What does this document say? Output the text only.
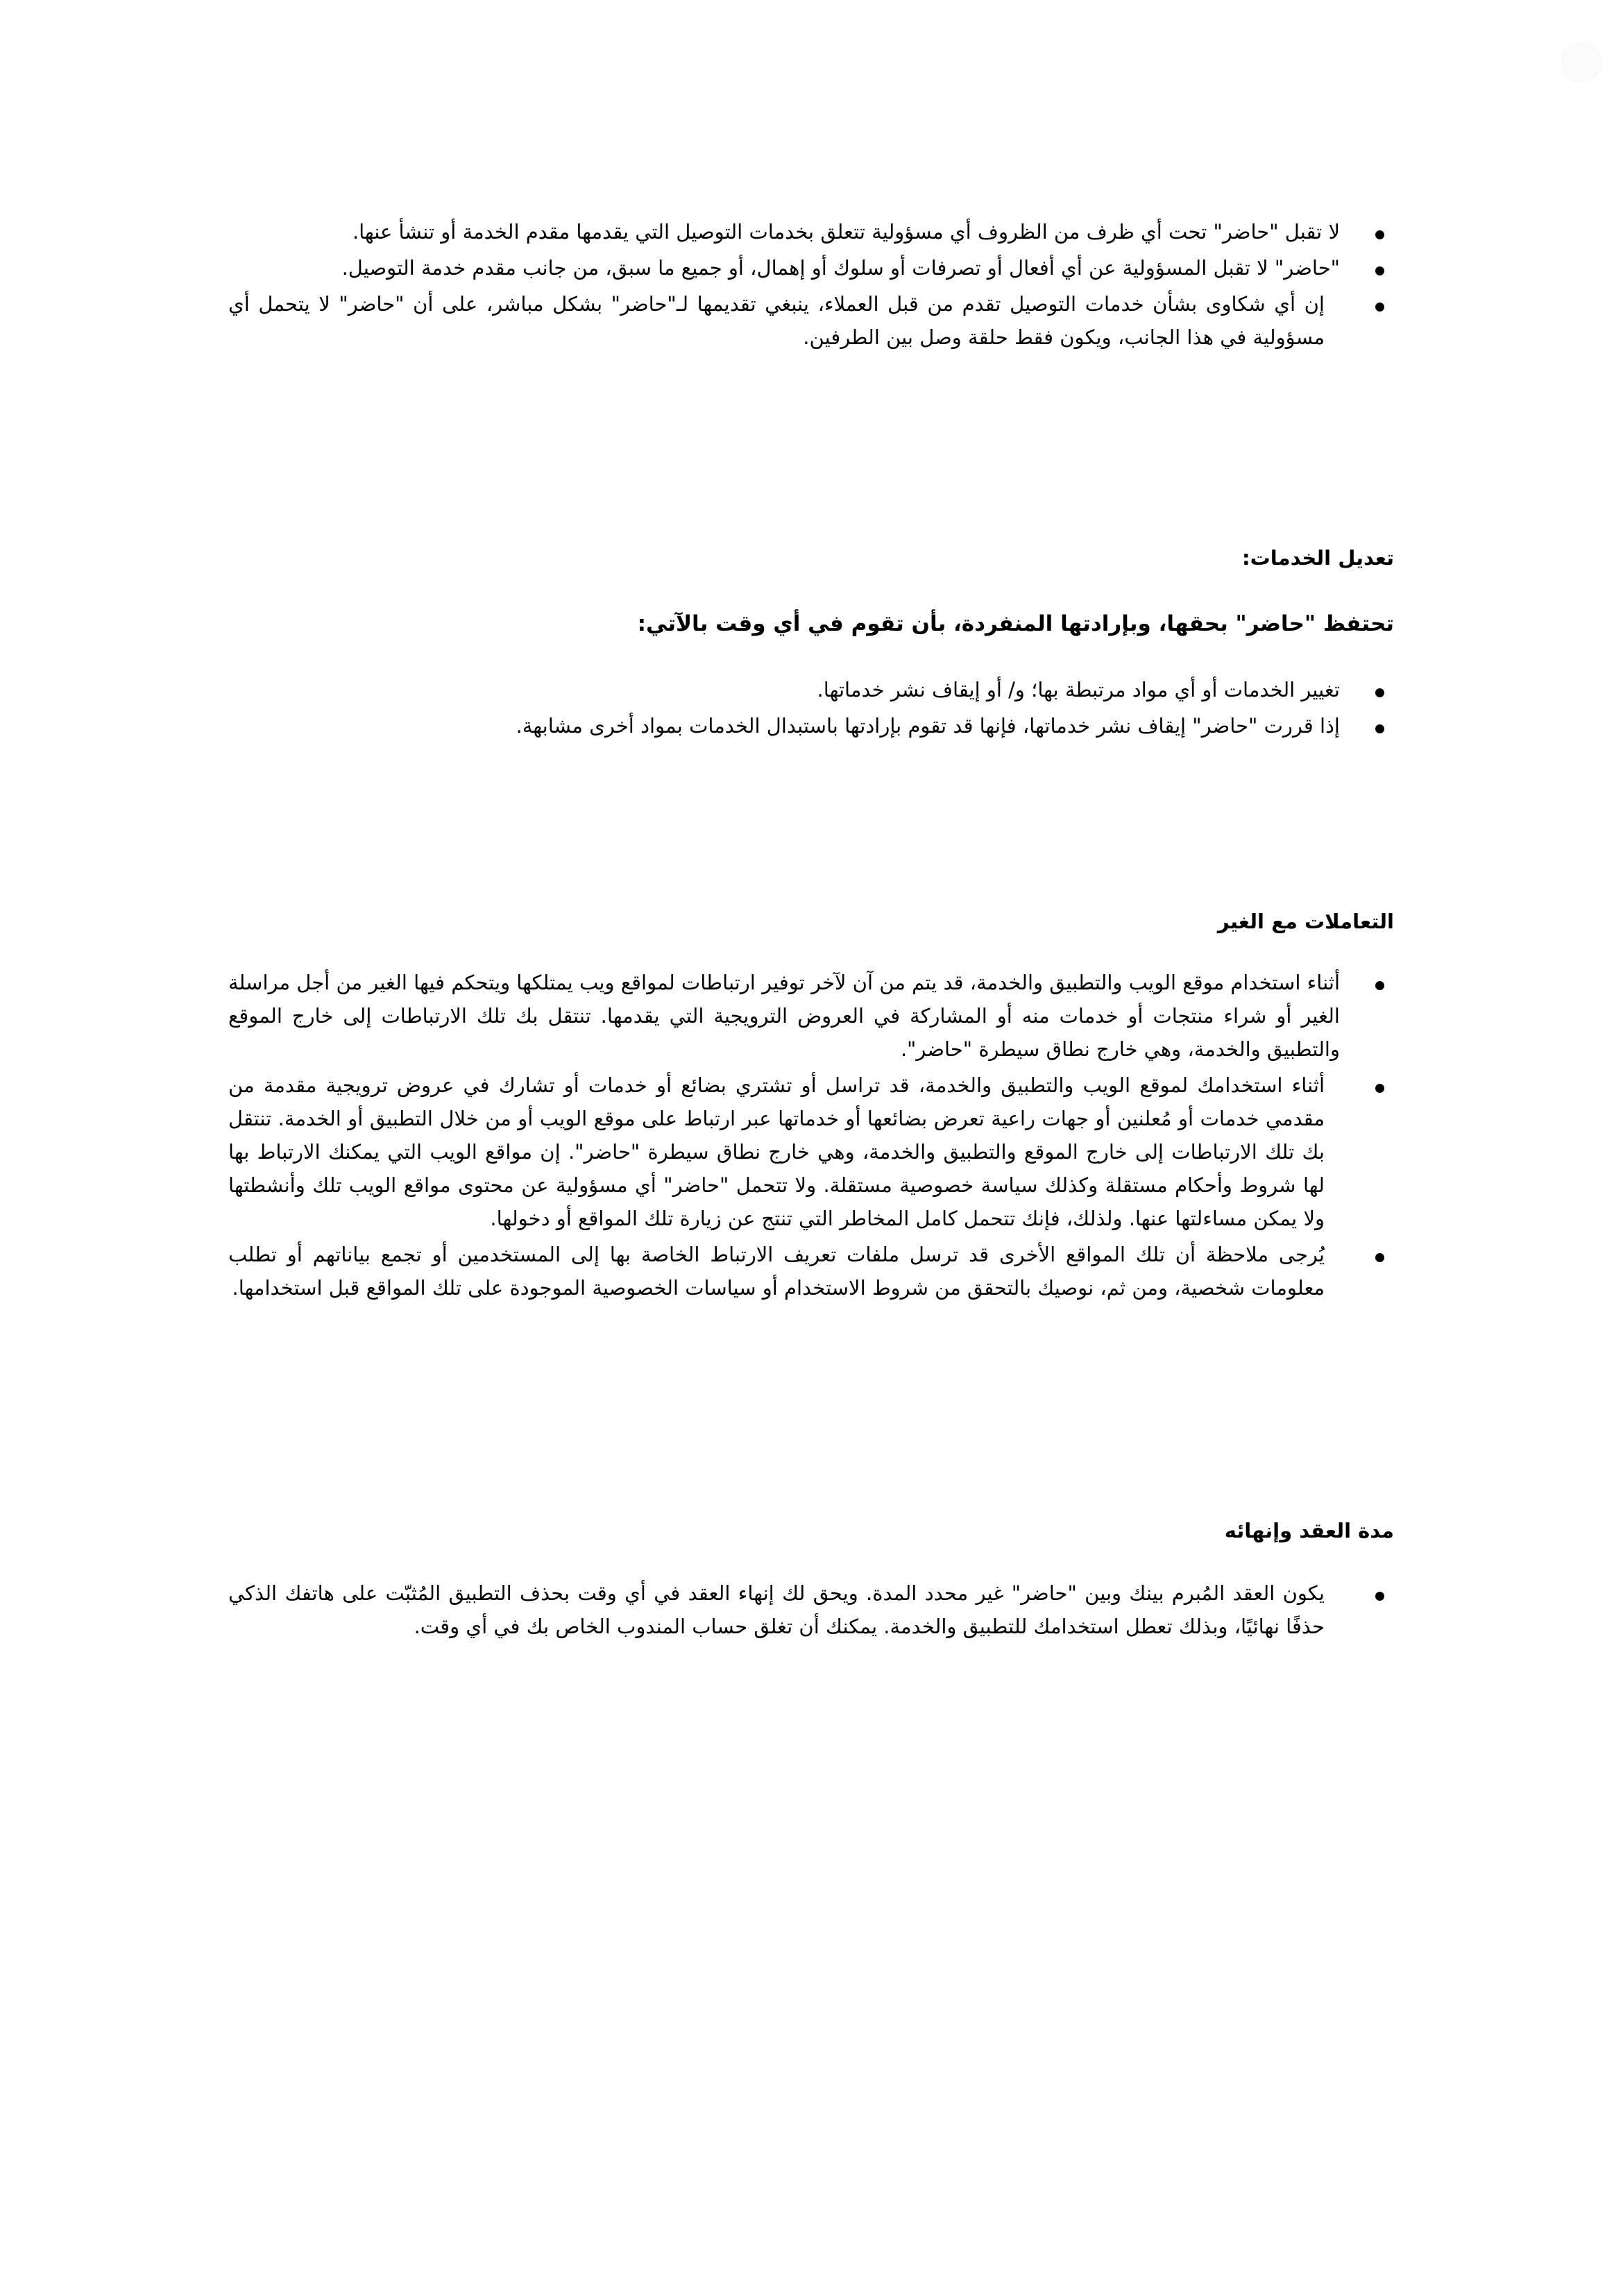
لا تقبل "حاضر" تحت أي ظرف من الظروف أي مسؤولية تتعلق بخدمات التوصيل التي يقدمها مقدم الخدمة أو تنشأ عنها.
"حاضر" لا تقبل المسؤولية عن أي أفعال أو تصرفات أو سلوك أو إهمال، أو جميع ما سبق، من جانب مقدم خدمة التوصيل.
إن أي شكاوى بشأن خدمات التوصيل تقدم من قبل العملاء، ينبغي تقديمها لـ"حاضر" بشكل مباشر، على أن "حاضر" لا يتحمل أي مسؤولية في هذا الجانب، ويكون فقط حلقة وصل بين الطرفين.
تعديل الخدمات:
تحتفظ "حاضر" بحقها، وبإرادتها المنفردة، بأن تقوم في أي وقت بالآتي:
تغيير الخدمات أو أي مواد مرتبطة بها؛ و/ أو إيقاف نشر خدماتها.
إذا قررت "حاضر" إيقاف نشر خدماتها، فإنها قد تقوم بإرادتها باستبدال الخدمات بمواد أخرى مشابهة.
التعاملات مع الغير
أثناء استخدام موقع الويب والتطبيق والخدمة، قد يتم من آن لآخر توفير ارتباطات لمواقع ويب يمتلكها ويتحكم فيها الغير من أجل مراسلة الغير أو شراء منتجات أو خدمات منه أو المشاركة في العروض الترويجية التي يقدمها. تنتقل بك تلك الارتباطات إلى خارج الموقع والتطبيق والخدمة، وهي خارج نطاق سيطرة "حاضر".
أثناء استخدامك لموقع الويب والتطبيق والخدمة، قد تراسل أو تشتري بضائع أو خدمات أو تشارك في عروض ترويجية مقدمة من مقدمي خدمات أو مُعلنين أو جهات راعية تعرض بضائعها أو خدماتها عبر ارتباط على موقع الويب أو من خلال التطبيق أو الخدمة. تنتقل بك تلك الارتباطات إلى خارج الموقع والتطبيق والخدمة، وهي خارج نطاق سيطرة "حاضر". إن مواقع الويب التي يمكنك الارتباط بها لها شروط وأحكام مستقلة وكذلك سياسة خصوصية مستقلة. ولا تتحمل "حاضر" أي مسؤولية عن محتوى مواقع الويب تلك وأنشطتها ولا يمكن مساءلتها عنها. ولذلك، فإنك تتحمل كامل المخاطر التي تنتج عن زيارة تلك المواقع أو دخولها.
يُرجى ملاحظة أن تلك المواقع الأخرى قد ترسل ملفات تعريف الارتباط الخاصة بها إلى المستخدمين أو تجمع بياناتهم أو تطلب معلومات شخصية، ومن ثم، نوصيك بالتحقق من شروط الاستخدام أو سياسات الخصوصية الموجودة على تلك المواقع قبل استخدامها.
مدة العقد وإنهائه
يكون العقد المُبرم بينك وبين "حاضر" غير محدد المدة. ويحق لك إنهاء العقد في أي وقت بحذف التطبيق المُثبّت على هاتفك الذكي حذفًا نهائيًا، وبذلك تعطل استخدامك للتطبيق والخدمة. يمكنك أن تغلق حساب المندوب الخاص بك في أي وقت.
